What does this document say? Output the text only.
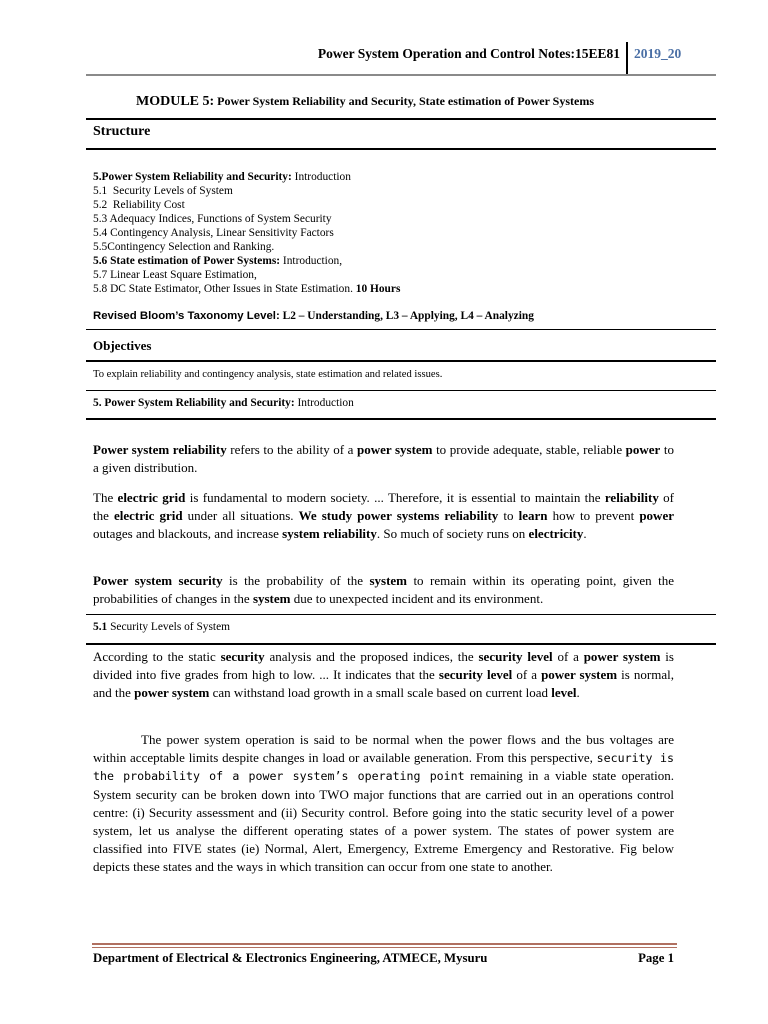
Power System Operation and Control Notes:15EE81 2019_20
MODULE 5: Power System Reliability and Security, State estimation of Power Systems
Structure
5.Power System Reliability and Security: Introduction
5.1  Security Levels of System
5.2  Reliability Cost
5.3 Adequacy Indices, Functions of System Security
5.4 Contingency Analysis, Linear Sensitivity Factors
5.5Contingency Selection and Ranking.
5.6 State estimation of Power Systems: Introduction,
5.7 Linear Least Square Estimation,
5.8 DC State Estimator, Other Issues in State Estimation. 10 Hours
Revised Bloom’s Taxonomy Level: L2 – Understanding, L3 – Applying, L4 – Analyzing
Objectives
To explain reliability and contingency analysis, state estimation and related issues.
5. Power System Reliability and Security: Introduction

Power system reliability refers to the ability of a power system to provide adequate, stable, reliable power to a given distribution.

The electric grid is fundamental to modern society. ... Therefore, it is essential to maintain the reliability of the electric grid under all situations. We study power systems reliability to learn how to prevent power outages and blackouts, and increase system reliability. So much of society runs on electricity.

Power system security is the probability of the system to remain within its operating point, given the probabilities of changes in the system due to unexpected incident and its environment.

5.1 Security Levels of System

According to the static security analysis and the proposed indices, the security level of a power system is divided into five grades from high to low. ... It indicates that the security level of a power system is normal, and the power system can withstand load growth in a small scale based on current load level.

The power system operation is said to be normal when the power flows and the bus voltages are within acceptable limits despite changes in load or available generation. From this perspective, security is the probability of a power system’s operating point remaining in a viable state operation. System security can be broken down into TWO major functions that are carried out in an operations control centre: (i) Security assessment and (ii) Security control. Before going into the static security level of a power system, let us analyse the different operating states of a power system. The states of power system are classified into FIVE states (ie) Normal, Alert, Emergency, Extreme Emergency and Restorative. Fig below depicts these states and the ways in which transition can occur from one state to another.

Department of Electrical & Electronics Engineering, ATMECE, Mysuru	Page 1
